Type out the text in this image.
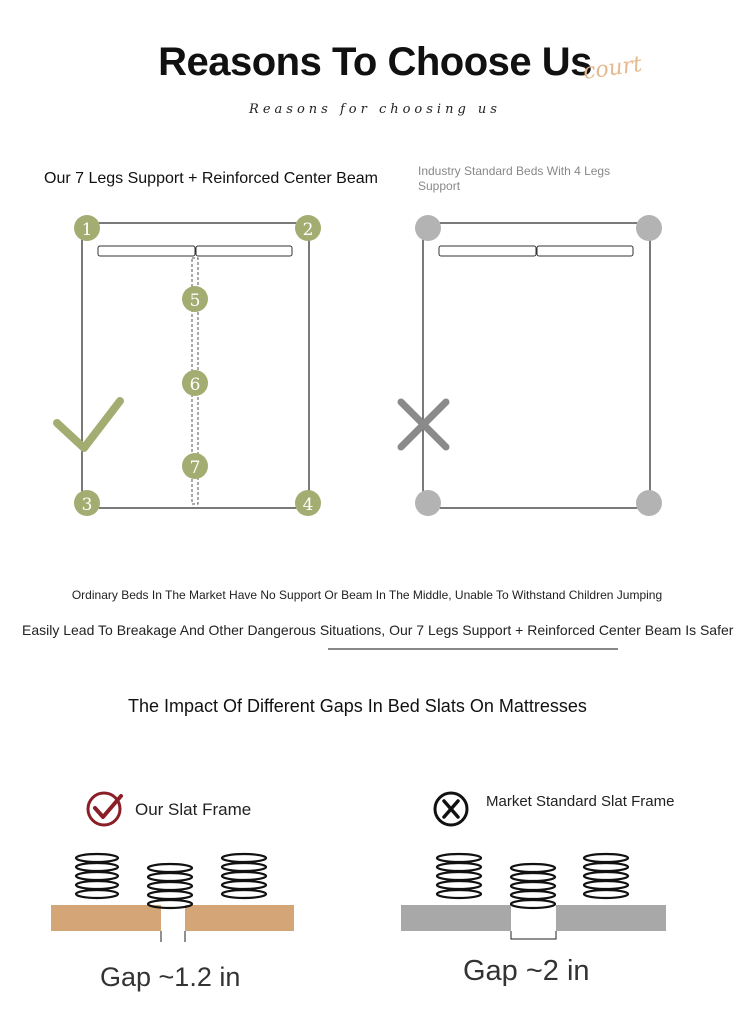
Reasons To Choose Us
court
Reasons for choosing us
Our 7 Legs Support + Reinforced Center Beam	Industry Standard Beds With 4 Legs Support
1	2
3	4
5
6
7
Ordinary Beds In The Market Have No Support Or Beam In The Middle, Unable To Withstand Children Jumping
Easily Lead To Breakage And Other Dangerous Situations, Our 7 Legs Support + Reinforced Center Beam Is Safer
The Impact Of Different Gaps In Bed Slats On Mattresses
Our Slat Frame	Market Standard Slat Frame
Gap ~1.2 in	Gap ~2 in
